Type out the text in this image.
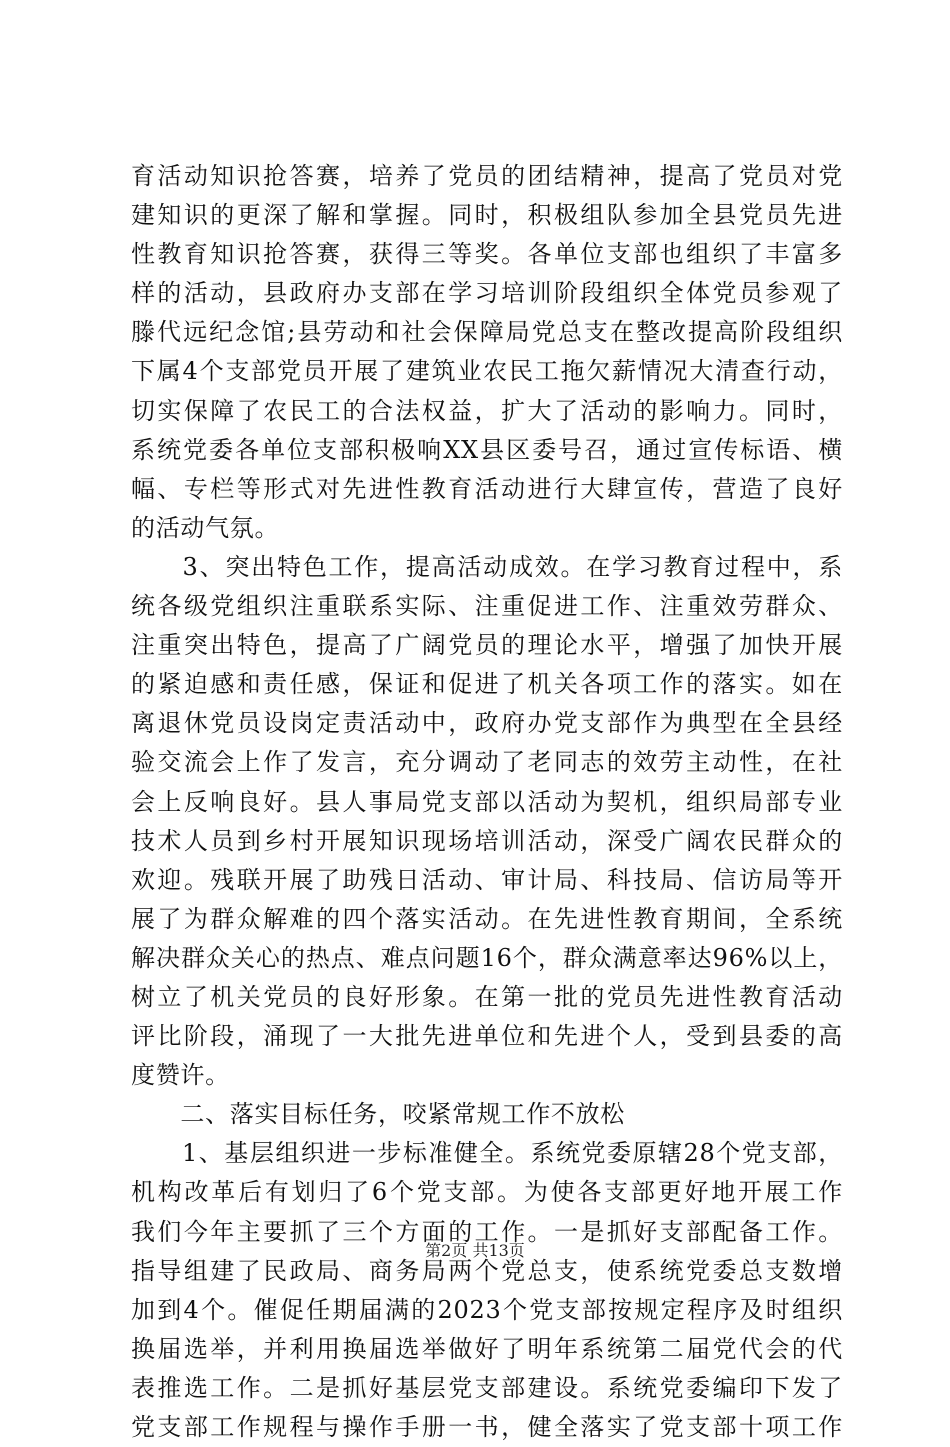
育活动知识抢答赛，培养了党员的团结精神，提高了党员对党
建知识的更深了解和掌握。同时，积极组队参加全县党员先进
性教育知识抢答赛，获得三等奖。各单位支部也组织了丰富多
样的活动，县政府办支部在学习培训阶段组织全体党员参观了
滕代远纪念馆;县劳动和社会保障局党总支在整改提高阶段组织
下属4个支部党员开展了建筑业农民工拖欠薪情况大清查行动，
切实保障了农民工的合法权益，扩大了活动的影响力。同时，
系统党委各单位支部积极响XX县区委号召，通过宣传标语、横
幅、专栏等形式对先进性教育活动进行大肆宣传，营造了良好
的活动气氛。
　　3、突出特色工作，提高活动成效。在学习教育过程中，系
统各级党组织注重联系实际、注重促进工作、注重效劳群众、
注重突出特色，提高了广阔党员的理论水平，增强了加快开展
的紧迫感和责任感，保证和促进了机关各项工作的落实。如在
离退休党员设岗定责活动中，政府办党支部作为典型在全县经
验交流会上作了发言，充分调动了老同志的效劳主动性，在社
会上反响良好。县人事局党支部以活动为契机，组织局部专业
技术人员到乡村开展知识现场培训活动，深受广阔农民群众的
欢迎。残联开展了助残日活动、审计局、科技局、信访局等开
展了为群众解难的四个落实活动。在先进性教育期间，全系统
解决群众关心的热点、难点问题16个，群众满意率达96%以上，
树立了机关党员的良好形象。在第一批的党员先进性教育活动
评比阶段，涌现了一大批先进单位和先进个人，受到县委的高
度赞许。
　　二、落实目标任务，咬紧常规工作不放松
　　1、基层组织进一步标准健全。系统党委原辖28个党支部，
机构改革后有划归了6个党支部。为使各支部更好地开展工作
我们今年主要抓了三个方面的工作。一是抓好支部配备工作。
指导组建了民政局、商务局两个党总支，使系统党委总支数增
加到4个。催促任期届满的2023个党支部按规定程序及时组织
换届选举，并利用换届选举做好了明年系统第二届党代会的代
表推选工作。二是抓好基层党支部建设。系统党委编印下发了
党支部工作规程与操作手册一书，健全落实了党支部十项工作
第2页 共13页
